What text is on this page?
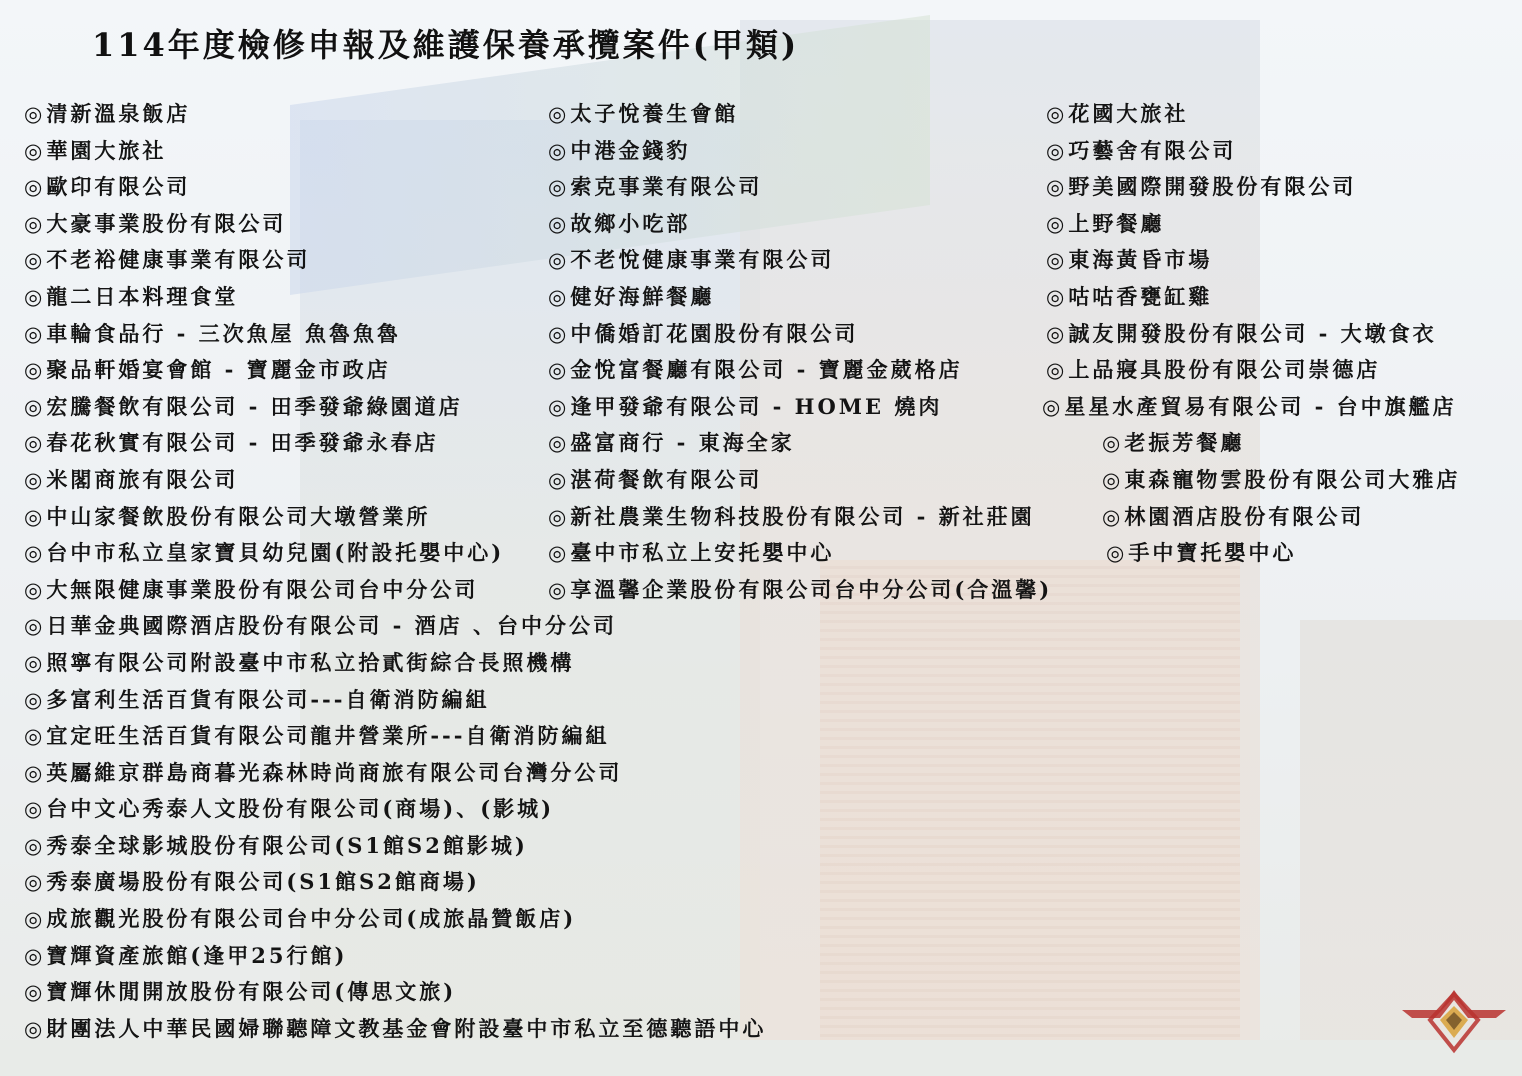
114年度檢修申報及維護保養承攬案件(甲類)
◎清新溫泉飯店
◎華園大旅社
◎歐印有限公司
◎大豪事業股份有限公司
◎不老裕健康事業有限公司
◎龍二日本料理食堂
◎車輪食品行 - 三次魚屋 魚魯魚魯
◎聚品軒婚宴會館 - 寶麗金市政店
◎宏騰餐飲有限公司 - 田季發爺綠園道店
◎春花秋實有限公司 - 田季發爺永春店
◎米閣商旅有限公司
◎中山家餐飲股份有限公司大墩營業所
◎台中市私立皇家寶貝幼兒園(附設托嬰中心)
◎大無限健康事業股份有限公司台中分公司
◎日華金典國際酒店股份有限公司 - 酒店 、台中分公司
◎照寧有限公司附設臺中市私立拾貳街綜合長照機構
◎多富利生活百貨有限公司---自衛消防編組
◎宜定旺生活百貨有限公司龍井營業所---自衛消防編組
◎英屬維京群島商暮光森林時尚商旅有限公司台灣分公司
◎台中文心秀泰人文股份有限公司(商場)、(影城)
◎秀泰全球影城股份有限公司(S1館S2館影城)
◎秀泰廣場股份有限公司(S1館S2館商場)
◎成旅觀光股份有限公司台中分公司(成旅晶贊飯店)
◎寶輝資產旅館(逢甲25行館)
◎寶輝休閒開放股份有限公司(傳思文旅)
◎財團法人中華民國婦聯聽障文教基金會附設臺中市私立至德聽語中心
◎太子悅養生會館
◎中港金錢豹
◎索克事業有限公司
◎故鄉小吃部
◎不老悅健康事業有限公司
◎健好海鮮餐廳
◎中僑婚訂花園股份有限公司
◎金悅富餐廳有限公司 - 寶麗金葳格店
◎逢甲發爺有限公司 - HOME 燒肉
◎盛富商行 - 東海全家
◎湛荷餐飲有限公司
◎新社農業生物科技股份有限公司 - 新社莊園
◎臺中市私立上安托嬰中心
◎享溫馨企業股份有限公司台中分公司(合溫馨)
◎花國大旅社
◎巧藝舍有限公司
◎野美國際開發股份有限公司
◎上野餐廳
◎東海黃昏市場
◎咕咕香甕缸雞
◎誠友開發股份有限公司 - 大墩食衣
◎上品寢具股份有限公司崇德店
◎星星水產貿易有限公司 - 台中旗艦店
◎老振芳餐廳
◎東森寵物雲股份有限公司大雅店
◎林園酒店股份有限公司
◎手中寶托嬰中心
